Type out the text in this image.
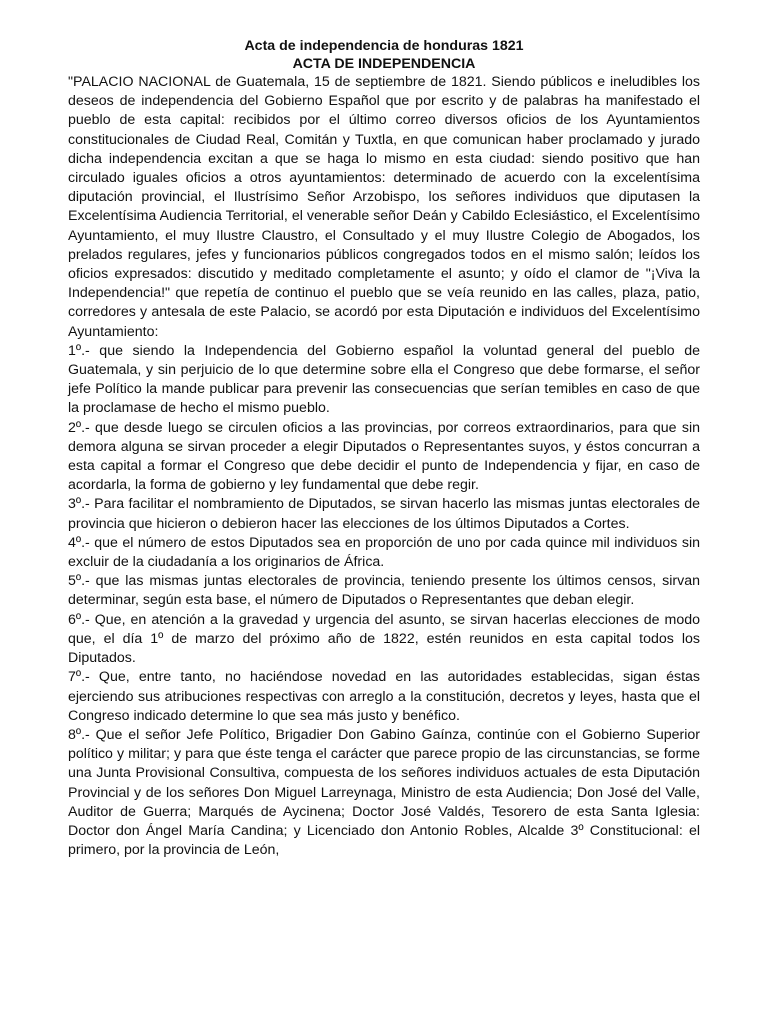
Acta de independencia de honduras 1821
ACTA DE INDEPENDENCIA

"PALACIO NACIONAL de Guatemala, 15 de septiembre de 1821. Siendo públicos e ineludibles los deseos de independencia del Gobierno Español que por escrito y de palabras ha manifestado el pueblo de esta capital: recibidos por el último correo diversos oficios de los Ayuntamientos constitucionales de Ciudad Real, Comitán y Tuxtla, en que comunican haber proclamado y jurado dicha independencia excitan a que se haga lo mismo en esta ciudad: siendo positivo que han circulado iguales oficios a otros ayuntamientos: determinado de acuerdo con la excelentísima diputación provincial, el Ilustrísimo Señor Arzobispo, los señores individuos que diputasen la Excelentísima Audiencia Territorial, el venerable señor Deán y Cabildo Eclesiástico, el Excelentísimo Ayuntamiento, el muy Ilustre Claustro, el Consultado y el muy Ilustre Colegio de Abogados, los prelados regulares, jefes y funcionarios públicos congregados todos en el mismo salón; leídos los oficios expresados: discutido y meditado completamente el asunto; y oído el clamor de "¡Viva la Independencia!" que repetía de continuo el pueblo que se veía reunido en las calles, plaza, patio, corredores y antesala de este Palacio, se acordó por esta Diputación e individuos del Excelentísimo Ayuntamiento:

1º.- que siendo la Independencia del Gobierno español la voluntad general del pueblo de Guatemala, y sin perjuicio de lo que determine sobre ella el Congreso que debe formarse, el señor jefe Político la mande publicar para prevenir las consecuencias que serían temibles en caso de que la proclamase de hecho el mismo pueblo.

2º.- que desde luego se circulen oficios a las provincias, por correos extraordinarios, para que sin demora alguna se sirvan proceder a elegir Diputados o Representantes suyos, y éstos concurran a esta capital a formar el Congreso que debe decidir el punto de Independencia y fijar, en caso de acordarla, la forma de gobierno y ley fundamental que debe regir.

3º.- Para facilitar el nombramiento de Diputados, se sirvan hacerlo las mismas juntas electorales de provincia que hicieron o debieron hacer las elecciones de los últimos Diputados a Cortes.

4º.- que el número de estos Diputados sea en proporción de uno por cada quince mil individuos sin excluir de la ciudadanía a los originarios de África.

5º.- que las mismas juntas electorales de provincia, teniendo presente los últimos censos, sirvan determinar, según esta base, el número de Diputados o Representantes que deban elegir.

6º.- Que, en atención a la gravedad y urgencia del asunto, se sirvan hacerlas elecciones de modo que, el día 1º de marzo del próximo año de 1822, estén reunidos en esta capital todos los Diputados.

7º.- Que, entre tanto, no haciéndose novedad en las autoridades establecidas, sigan éstas ejerciendo sus atribuciones respectivas con arreglo a la constitución, decretos y leyes, hasta que el Congreso indicado determine lo que sea más justo y benéfico.

8º.- Que el señor Jefe Político, Brigadier Don Gabino Gaínza, continúe con el Gobierno Superior político y militar; y para que éste tenga el carácter que parece propio de las circunstancias, se forme una Junta Provisional Consultiva, compuesta de los señores individuos actuales de esta Diputación Provincial y de los señores Don Miguel Larreynaga, Ministro de esta Audiencia; Don José del Valle, Auditor de Guerra; Marqués de Aycinena; Doctor José Valdés, Tesorero de esta Santa Iglesia: Doctor don Ángel María Candina; y Licenciado don Antonio Robles, Alcalde 3º Constitucional: el primero, por la provincia de León,
